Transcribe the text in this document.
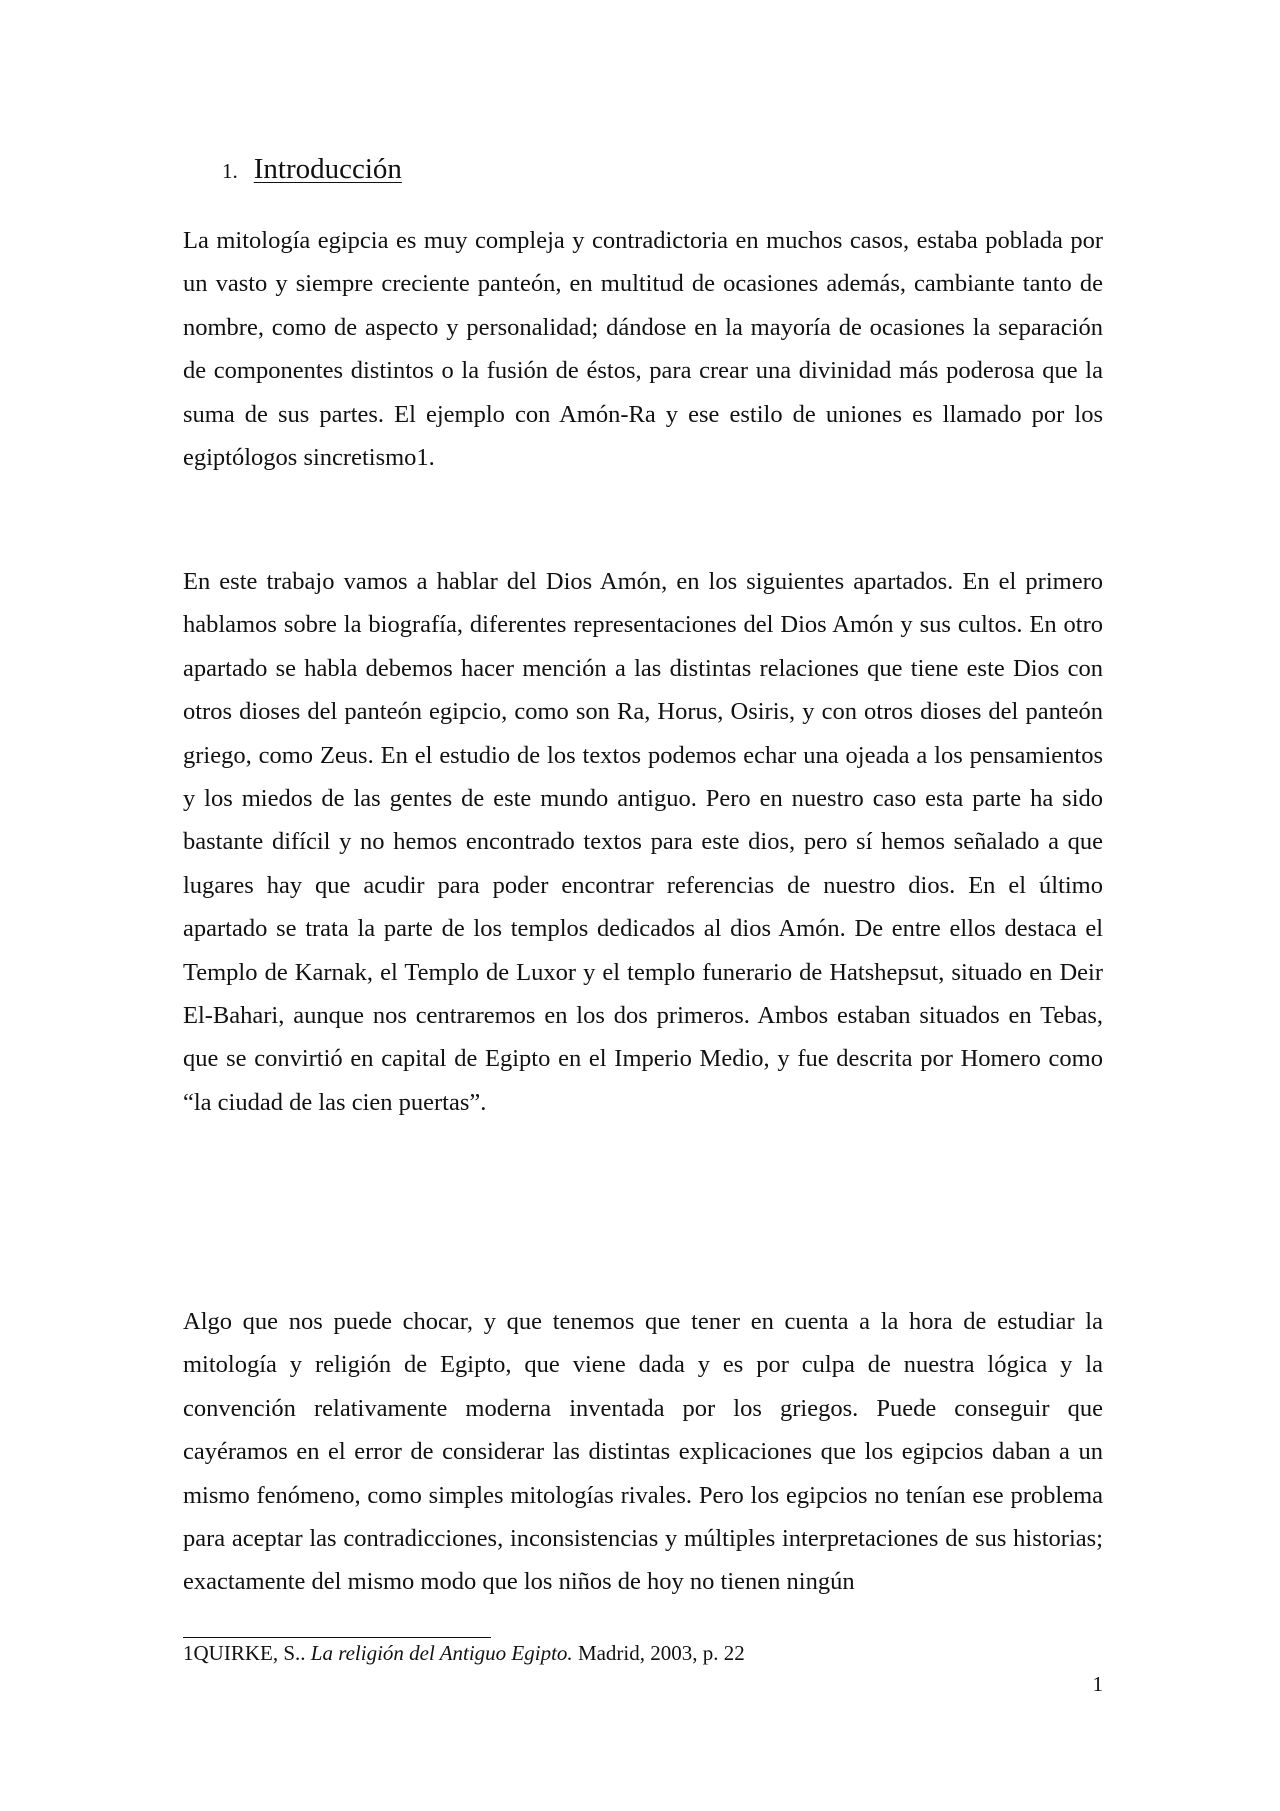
1. Introducción

La mitología egipcia es muy compleja y contradictoria en muchos casos, estaba poblada por un vasto y siempre creciente panteón, en multitud de ocasiones además, cambiante tanto de nombre, como de aspecto y personalidad; dándose en la mayoría de ocasiones la separación de componentes distintos o la fusión de éstos, para crear una divinidad más poderosa que la suma de sus partes. El ejemplo con Amón-Ra y ese estilo de uniones es llamado por los egiptólogos sincretismo1.

En este trabajo vamos a hablar del Dios Amón, en los siguientes apartados. En el primero hablamos sobre la biografía, diferentes representaciones del Dios Amón y sus cultos. En otro apartado se habla debemos hacer mención a las distintas relaciones que tiene este Dios con otros dioses del panteón egipcio, como son Ra, Horus, Osiris, y con otros dioses del panteón griego, como Zeus. En el estudio de los textos podemos echar una ojeada a los pensamientos y los miedos de las gentes de este mundo antiguo. Pero en nuestro caso esta parte ha sido bastante difícil y no hemos encontrado textos para este dios, pero sí hemos señalado a que lugares hay que acudir para poder encontrar referencias de nuestro dios. En el último apartado se trata la parte de los templos dedicados al dios Amón. De entre ellos destaca el Templo de Karnak, el Templo de Luxor y el templo funerario de Hatshepsut, situado en Deir El-Bahari, aunque nos centraremos en los dos primeros. Ambos estaban situados en Tebas, que se convirtió en capital de Egipto en el Imperio Medio, y fue descrita por Homero como “la ciudad de las cien puertas”.

Algo que nos puede chocar, y que tenemos que tener en cuenta a la hora de estudiar la mitología y religión de Egipto, que viene dada y es por culpa de nuestra lógica y la convención relativamente moderna inventada por los griegos. Puede conseguir que cayéramos en el error de considerar las distintas explicaciones que los egipcios daban a un mismo fenómeno, como simples mitologías rivales. Pero los egipcios no tenían ese problema para aceptar las contradicciones, inconsistencias y múltiples interpretaciones de sus historias; exactamente del mismo modo que los niños de hoy no tienen ningún

1QUIRKE, S.. La religión del Antiguo Egipto. Madrid, 2003, p. 22
1
